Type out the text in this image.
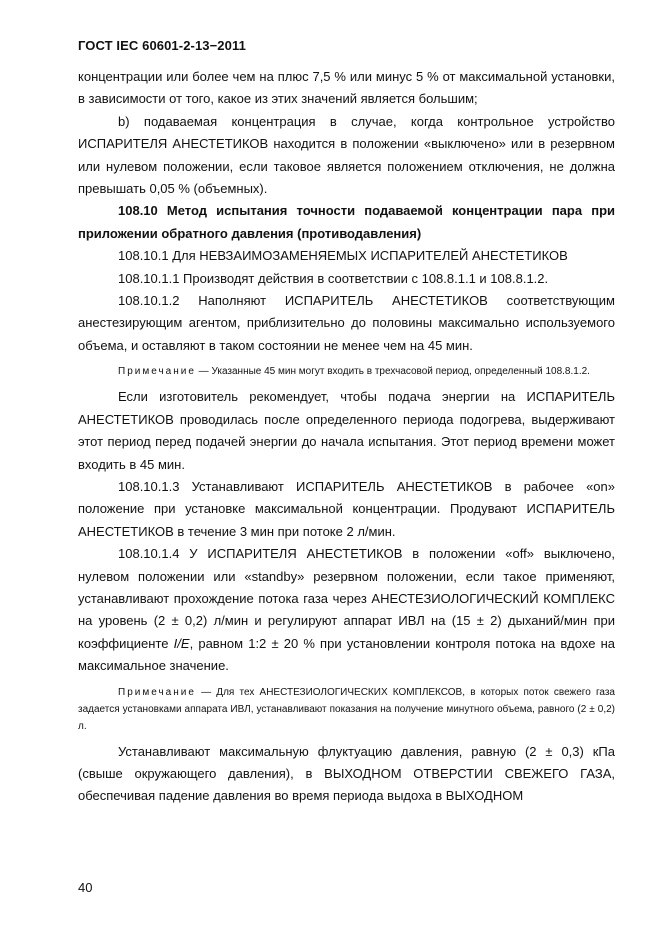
ГОСТ IEC 60601-2-13−2011

концентрации или более чем на плюс 7,5 % или минус 5 % от максимальной установки, в зависимости от того, какое из этих значений является большим;

b) подаваемая концентрация в случае, когда контрольное устройство ИСПАРИТЕЛЯ АНЕСТЕТИКОВ находится в положении «выключено» или в резервном или нулевом положении, если таковое является положением отключения, не должна превышать 0,05 % (объемных).

108.10 Метод испытания точности подаваемой концентрации пара при приложении обратного давления (противодавления)

108.10.1 Для НЕВЗАИМОЗАМЕНЯЕМЫХ ИСПАРИТЕЛЕЙ АНЕСТЕТИКОВ

108.10.1.1 Производят действия в соответствии с 108.8.1.1 и 108.8.1.2.

108.10.1.2 Наполняют ИСПАРИТЕЛЬ АНЕСТЕТИКОВ соответствующим анестезирующим агентом, приблизительно до половины максимально используемого объема, и оставляют в таком состоянии не менее чем на 45 мин.

Примечание — Указанные 45 мин могут входить в трехчасовой период, определенный 108.8.1.2.

Если изготовитель рекомендует, чтобы подача энергии на ИСПАРИТЕЛЬ АНЕСТЕТИКОВ проводилась после определенного периода подогрева, выдерживают этот период перед подачей энергии до начала испытания. Этот период времени может входить в 45 мин.

108.10.1.3 Устанавливают ИСПАРИТЕЛЬ АНЕСТЕТИКОВ в рабочее «on» положение при установке максимальной концентрации. Продувают ИСПАРИТЕЛЬ АНЕСТЕТИКОВ в течение 3 мин при потоке 2 л/мин.

108.10.1.4 У ИСПАРИТЕЛЯ АНЕСТЕТИКОВ в положении «off» выключено, нулевом положении или «standby» резервном положении, если такое применяют, устанавливают прохождение потока газа через АНЕСТЕЗИОЛОГИЧЕСКИЙ КОМПЛЕКС на уровень (2 ± 0,2) л/мин и регулируют аппарат ИВЛ на (15 ± 2) дыханий/мин при коэффициенте I/E, равном 1:2 ± 20 % при установлении контроля потока на вдохе на максимальное значение.

Примечание — Для тех АНЕСТЕЗИОЛОГИЧЕСКИХ КОМПЛЕКСОВ, в которых поток свежего газа задается установками аппарата ИВЛ, устанавливают показания на получение минутного объема, равного (2 ± 0,2) л.

Устанавливают максимальную флуктуацию давления, равную (2 ± 0,3) кПа (свыше окружающего давления), в ВЫХОДНОМ ОТВЕРСТИИ СВЕЖЕГО ГАЗА, обеспечивая падение давления во время периода выдоха в ВЫХОДНОМ

40
